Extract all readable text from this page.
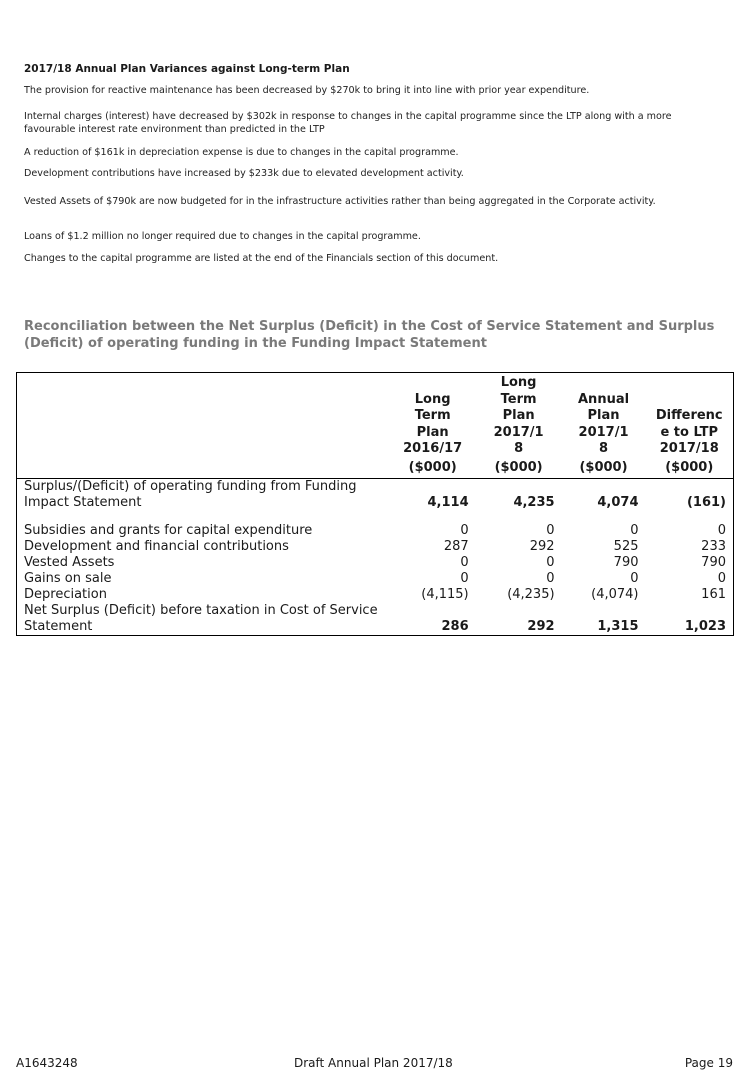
2017/18 Annual Plan Variances against Long-term Plan

The provision for reactive maintenance has been decreased by $270k to bring it into line with prior year expenditure.

Internal charges (interest) have decreased by $302k in response to changes in the capital programme since the LTP along with a more favourable interest rate environment than predicted in the LTP

A reduction of $161k in depreciation expense is due to changes in the capital programme.

Development contributions have increased by $233k due to elevated development activity.

Vested Assets of $790k are now budgeted for in the infrastructure activities rather than being aggregated in the Corporate activity.

Loans of $1.2 million no longer required due to changes in the capital programme.

Changes to the capital programme are listed at the end of the Financials section of this document.

Reconciliation between the Net Surplus (Deficit) in the Cost of Service Statement and Surplus (Deficit) of operating funding in the Funding Impact Statement
	Long
Term
Plan
2016/17	Long
Term
Plan
2017/1
8	Annual
Plan
2017/1
8	Differenc
e to LTP
2017/18
	($000)	($000)	($000)	($000)
Surplus/(Deficit) of operating funding from Funding Impact Statement	4,114	4,235	4,074	(161)

Subsidies and grants for capital expenditure	0	0	0	0
Development and financial contributions	287	292	525	233
Vested Assets	0	0	790	790
Gains on sale	0	0	0	0
Depreciation	(4,115)	(4,235)	(4,074)	161
Net Surplus (Deficit) before taxation in Cost of Service Statement	286	292	1,315	1,023
A1643248	Draft Annual Plan 2017/18	Page 19
